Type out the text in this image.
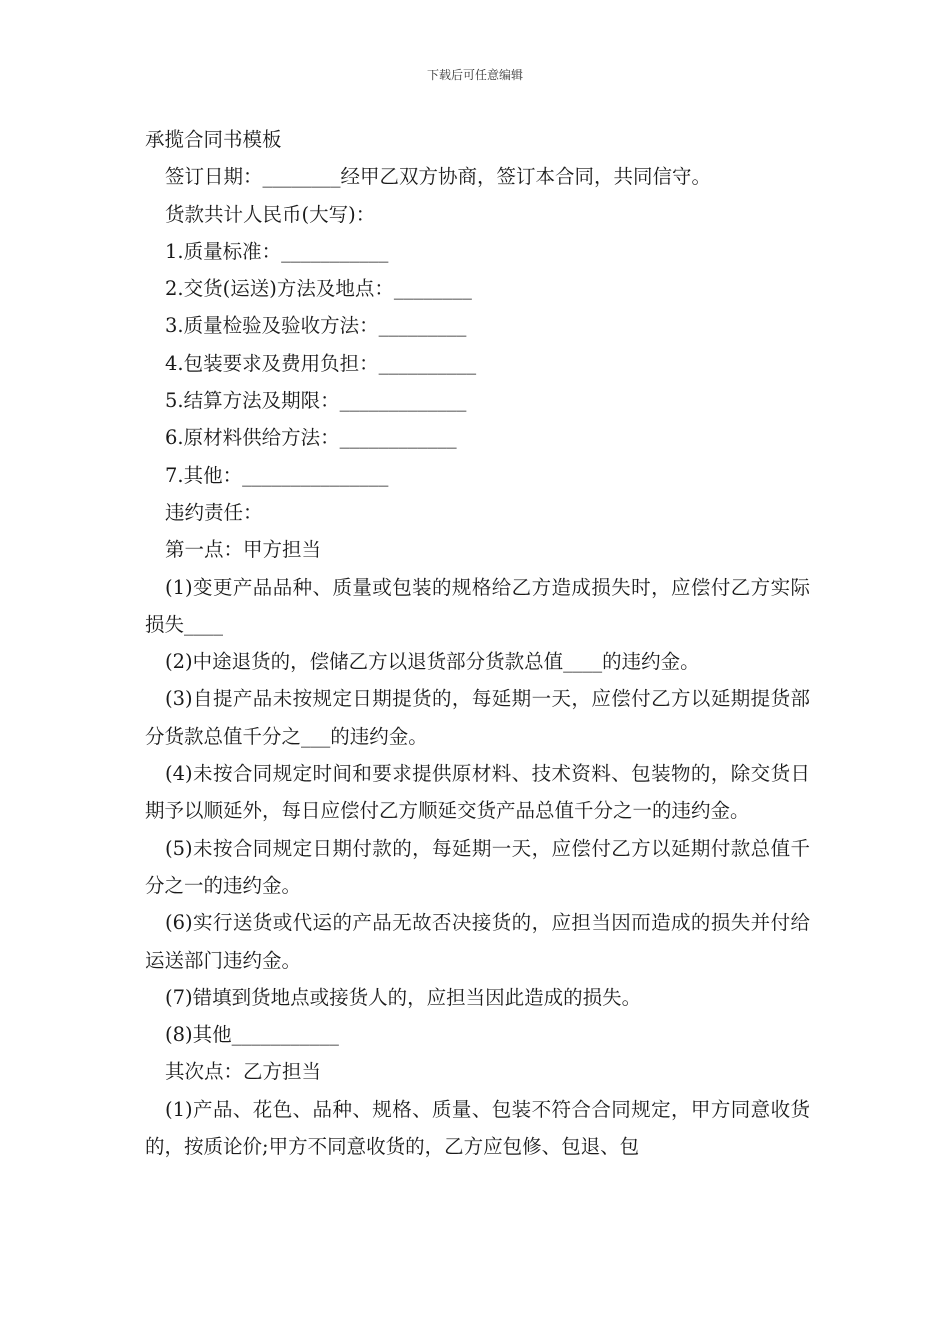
下载后可任意编辑
承揽合同书模板

签订日期：________经甲乙双方协商，签订本合同，共同信守。

货款共计人民币(大写)：

1.质量标准：___________

2.交货(运送)方法及地点：________

3.质量检验及验收方法：_________

4.包装要求及费用负担：__________

5.结算方法及期限：_____________

6.原材料供给方法：____________

7.其他：_______________

违约责任：

第一点：甲方担当

(1)变更产品品种、质量或包装的规格给乙方造成损失时，应偿付乙方实际损失____

(2)中途退货的，偿储乙方以退货部分货款总值____的违约金。

(3)自提产品未按规定日期提货的，每延期一天，应偿付乙方以延期提货部分货款总值千分之___的违约金。

(4)未按合同规定时间和要求提供原材料、技术资料、包装物的，除交货日期予以顺延外，每日应偿付乙方顺延交货产品总值千分之一的违约金。

(5)未按合同规定日期付款的，每延期一天，应偿付乙方以延期付款总值千分之一的违约金。

(6)实行送货或代运的产品无故否决接货的，应担当因而造成的损失并付给运送部门违约金。

(7)错填到货地点或接货人的，应担当因此造成的损失。

(8)其他___________

其次点：乙方担当

(1)产品、花色、品种、规格、质量、包装不符合合同规定，甲方同意收货的，按质论价;甲方不同意收货的，乙方应包修、包退、包
